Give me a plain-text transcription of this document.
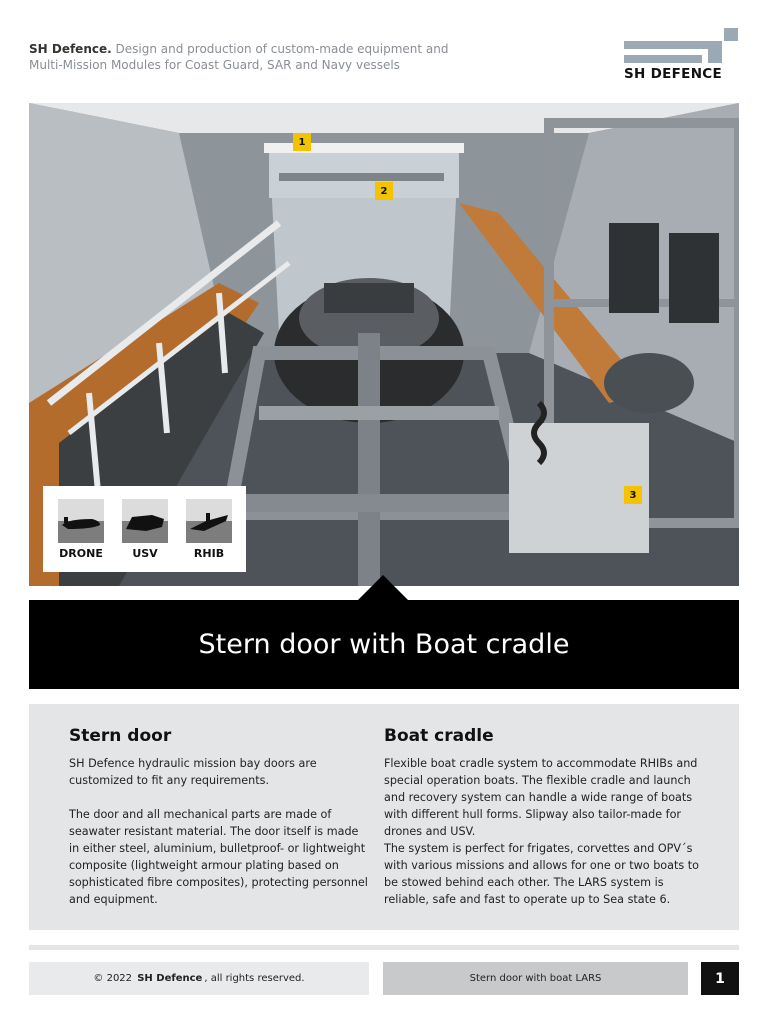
SH Defence. Design and production of custom-made equipment and Multi-Mission Modules for Coast Guard, SAR and Navy vessels
SH DEFENCE
1
2
3
DRONE	USV	RHIB
Stern door with Boat cradle
Stern door

SH Defence hydraulic mission bay doors are customized to fit any requirements.

The door and all mechanical parts are made of seawater resistant material. The door itself is made in either steel, aluminium, bulletproof- or lightweight composite (lightweight armour plating based on sophisticated fibre composites), protecting personnel and equipment.

Boat cradle

Flexible boat cradle system to accommodate RHIBs and special operation boats. The flexible cradle and launch and recovery system can handle a wide range of boats with different hull forms. Slipway also tailor-made for drones and USV.
The system is perfect for frigates, corvettes and OPV´s with various missions and allows for one or two boats to be stowed behind each other. The LARS system is reliable, safe and fast to operate up to Sea state 6.

© 2022
SH Defence , all rights reserved.	Stern door with boat LARS	1
